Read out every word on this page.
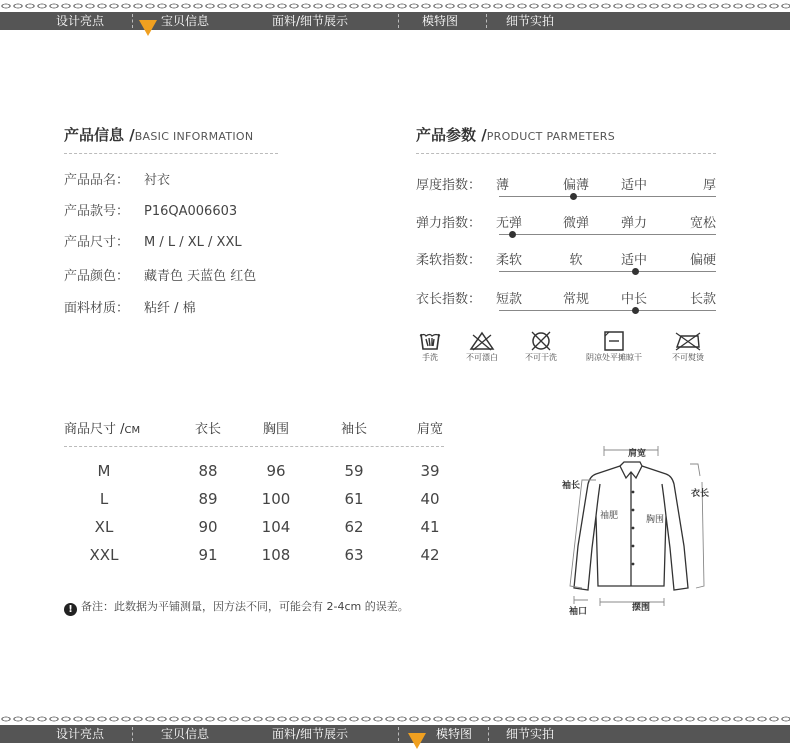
设计亮点	宝贝信息	面料/细节展示	模特图	细节实拍
产品信息 /BASIC INFORMATION
产品品名： 衬衣
产品款号： P16QA006603
产品尺寸： M / L / XL / XXL
产品颜色： 藏青色 天蓝色 红色
面料材质： 粘纤 / 棉
产品参数 /PRODUCT PARMETERS
厚度指数： 薄	偏薄	适中	厚
弹力指数： 无弹	微弹	弹力	宽松
柔软指数： 柔软	软	适中	偏硬
衣长指数： 短款	常规	中长	长款
手洗	不可漂白	不可干洗	阴凉处平摊晾干	不可熨烫
商品尺寸 /CM	衣长	胸围	袖长	肩宽
M	88	96	59	39
L	89	100	61	40
XL	90	104	62	41
XXL	91	108	63	42
! 备注：此数据为平铺测量，因方法不同，可能会有 2-4cm 的误差。
肩宽
袖长
衣长
袖肥	胸围
袖口	摆围
设计亮点	宝贝信息	面料/细节展示	模特图	细节实拍
